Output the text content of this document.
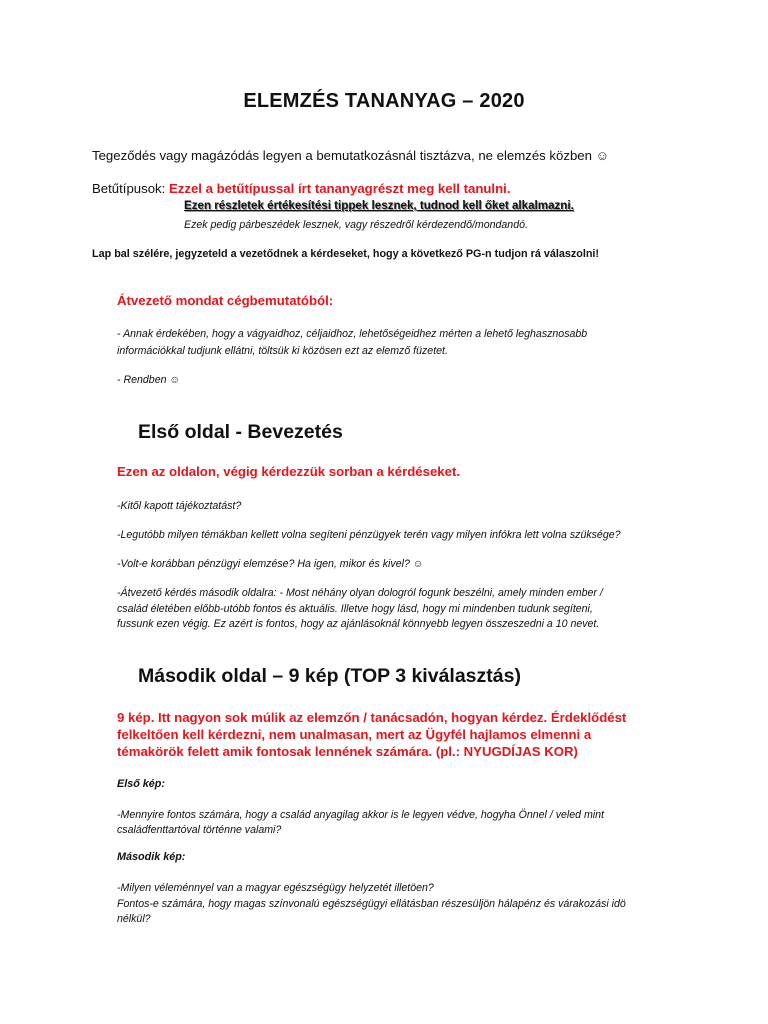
ELEMZÉS TANANYAG – 2020
Tegeződés vagy magázódás legyen a bemutatkozásnál tisztázva, ne elemzés közben ☺
Betűtípusok: Ezzel a betűtípussal írt tananyagrészt meg kell tanulni.
Ezen részletek értékesítési tippek lesznek, tudnod kell őket alkalmazni.
Ezek pedig párbeszédek lesznek, vagy részedről kérdezendő/mondandó.
Lap bal szélére, jegyzeteld a vezetődnek a kérdeseket, hogy a következő PG-n tudjon rá válaszolni!
Átvezető mondat cégbemutatóból:
- Annak érdekében, hogy a vágyaidhoz, céljaidhoz, lehetőségeidhez mérten a lehető leghasznosabb
információkkal tudjunk ellátni, töltsük ki közösen ezt az elemző füzetet.
- Rendben ☺
Első oldal - Bevezetés
Ezen az oldalon, végig kérdezzük sorban a kérdéseket.
-Kitől kapott tájékoztatást?
-Legutóbb milyen témákban kellett volna segíteni pénzügyek terén vagy milyen infókra lett volna szüksége?
-Volt-e korábban pénzügyi elemzése? Ha igen, mikor és kivel? ☺
-Átvezető kérdés második oldalra: - Most néhány olyan dologról fogunk beszélni, amely minden ember /
család életében előbb-utóbb fontos és aktuális. Illetve hogy lásd, hogy mi mindenben tudunk segíteni,
fussunk ezen végig. Ez azért is fontos, hogy az ajánlásoknál könnyebb legyen összeszedni a 10 nevet.
Második oldal – 9 kép (TOP 3 kiválasztás)
9 kép. Itt nagyon sok múlik az elemzőn / tanácsadón, hogyan kérdez. Érdeklődést
felkeltően kell kérdezni, nem unalmasan, mert az Ügyfél hajlamos elmenni a
témakörök felett amik fontosak lennének számára. (pl.: NYUGDÍJAS KOR)
Első kép:
-Mennyire fontos számára, hogy a család anyagilag akkor is le legyen védve, hogyha Önnel / veled mint
családfenttartóval történne valami?
Második kép:
-Milyen véleménnyel van a magyar egészségügy helyzetét illetöen?
Fontos-e számára, hogy magas színvonalú egészségügyi ellátásban részesüljön hálapénz és várakozási idö
nélkül?
